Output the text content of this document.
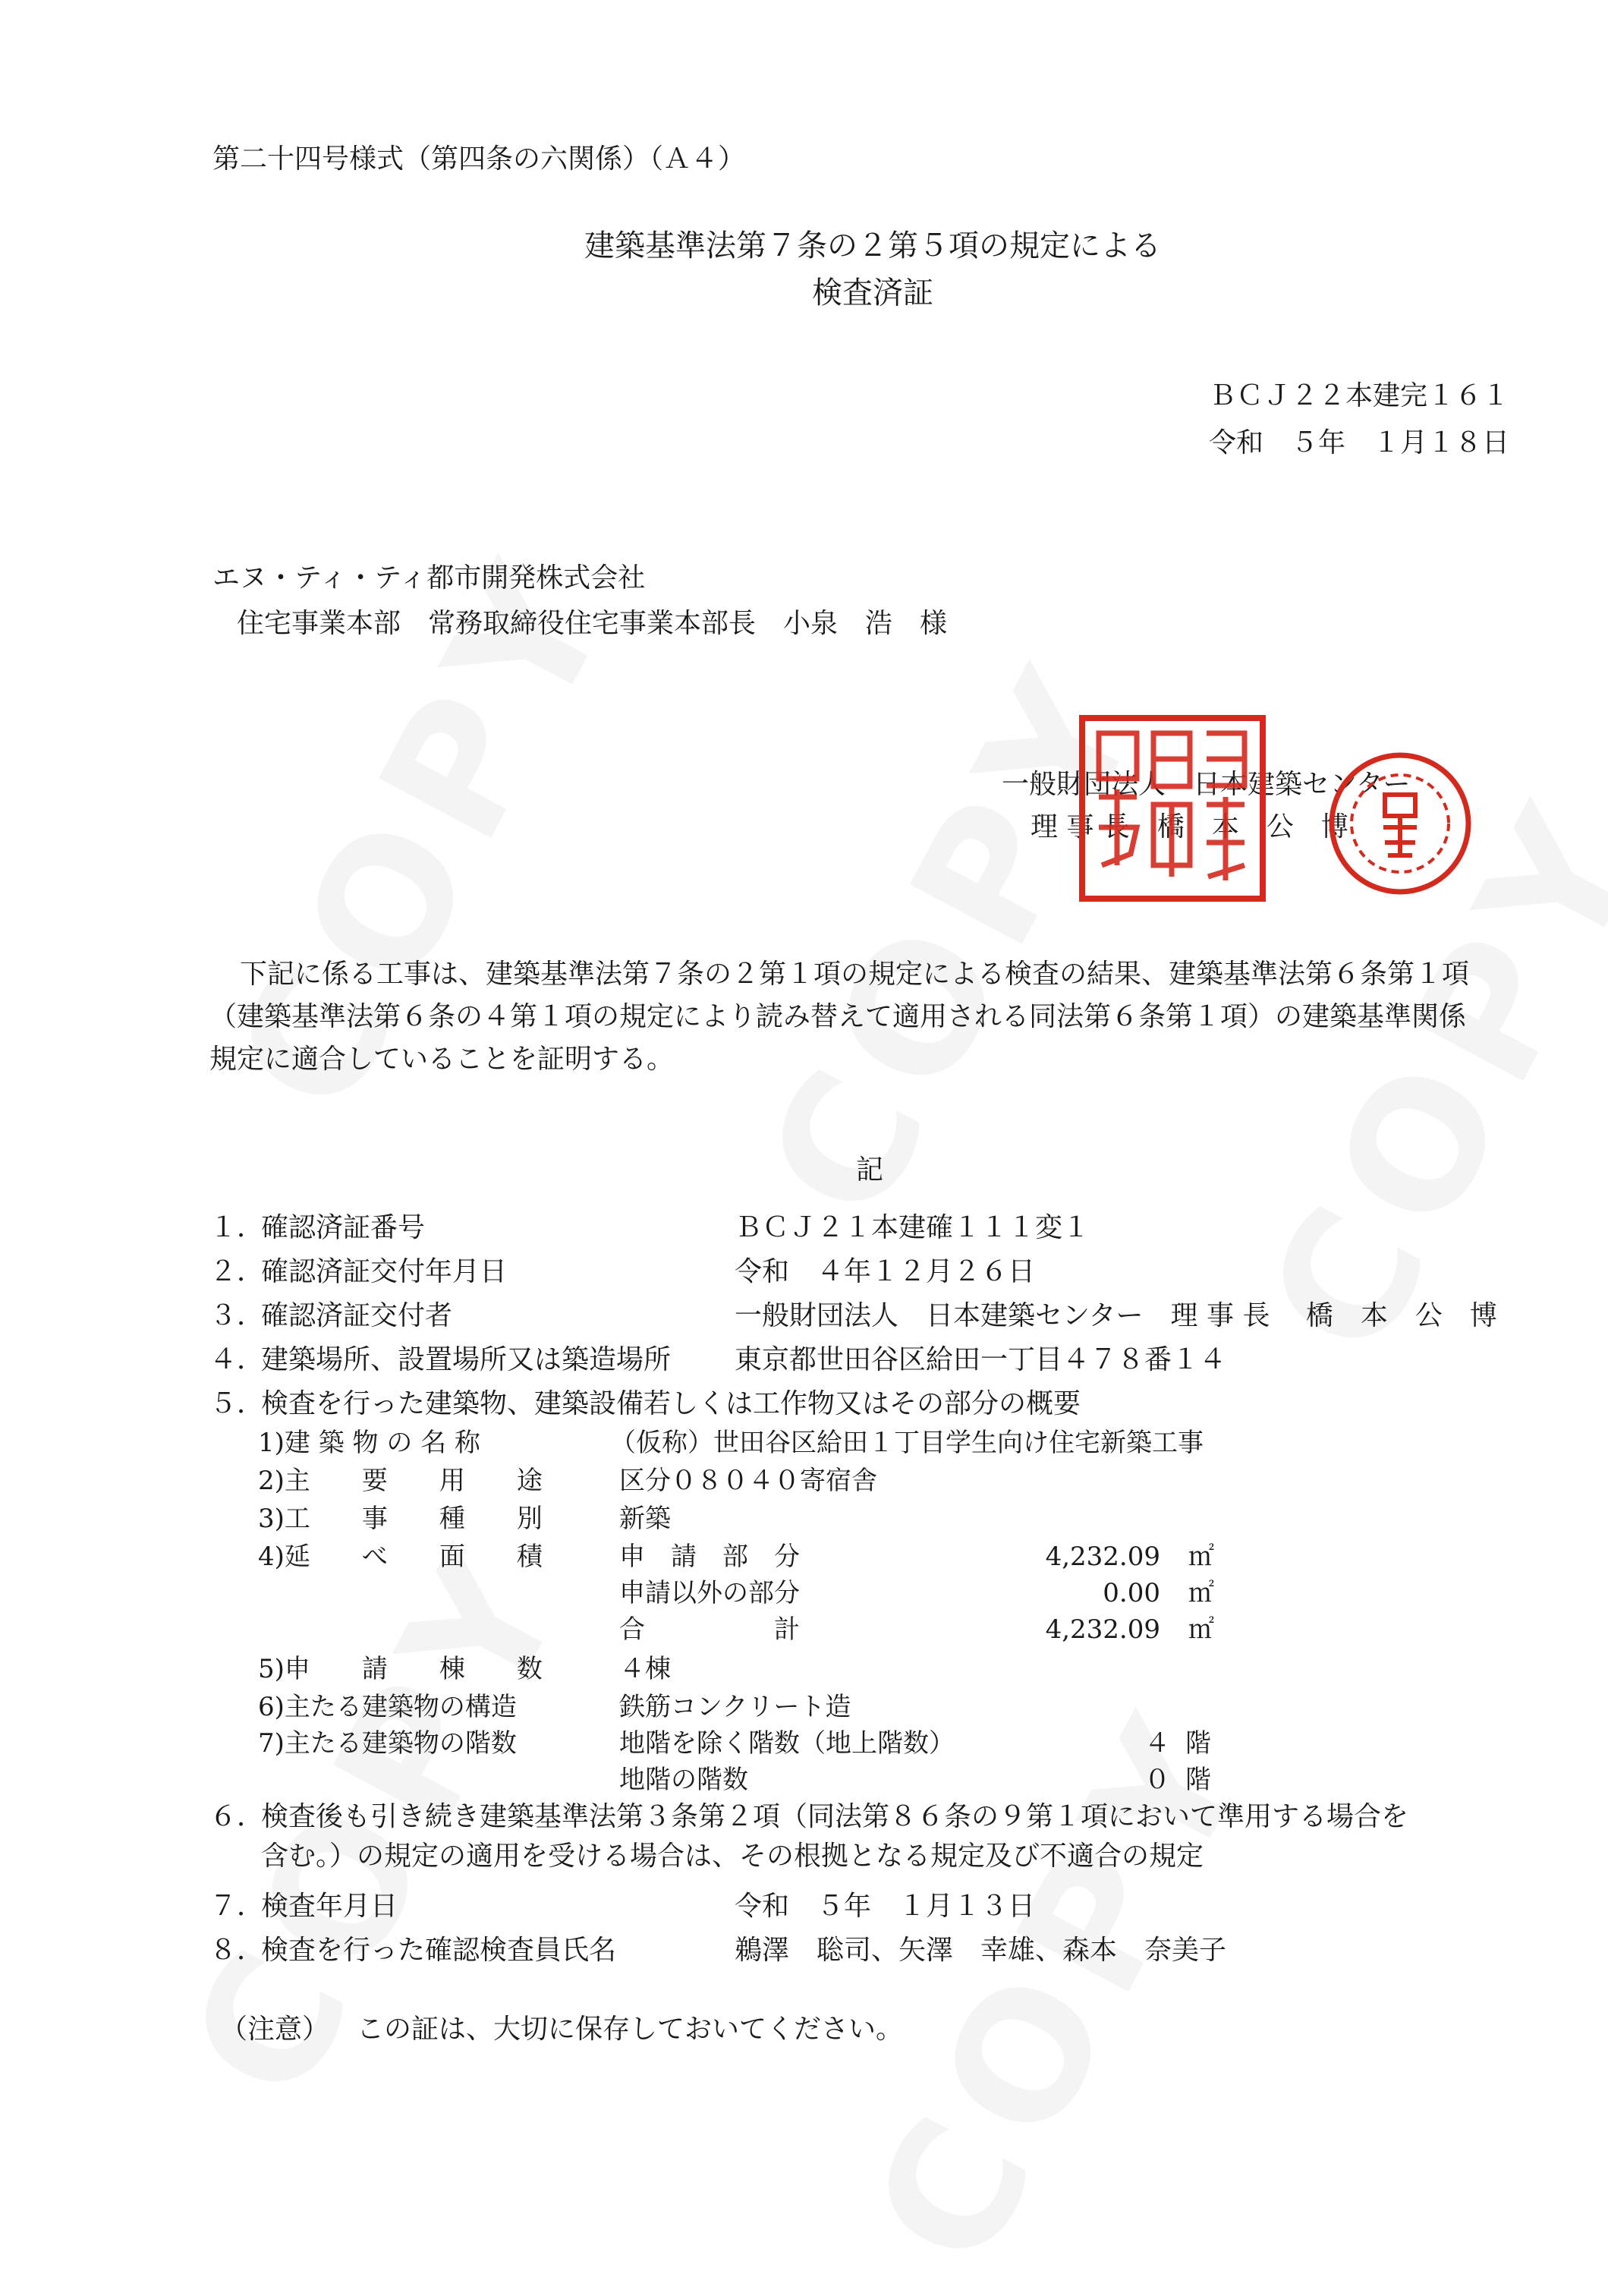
第二十四号様式（第四条の六関係）（Ａ４）
建築基準法第７条の２第５項の規定による
検査済証
ＢＣＪ２２本建完１６１
令和　５年　１月１８日
エヌ・ティ・ティ都市開発株式会社
住宅事業本部　常務取締役住宅事業本部長　小泉　浩　様
一般財団法人　日本建築センター
理 事 長　橋　本　公　博
下記に係る工事は、建築基準法第７条の２第１項の規定による検査の結果、建築基準法第６条第１項
（建築基準法第６条の４第１項の規定により読み替えて適用される同法第６条第１項）の建築基準関係
規定に適合していることを証明する。
記
１．
確認済証番号	ＢＣＪ２１本建確１１１変１
２．
確認済証交付年月日	令和　４年１２月２６日
３．
確認済証交付者	一般財団法人　日本建築センター　理 事 長　 橋　本　公　博
４．
建築場所、設置場所又は築造場所 東京都世田谷区給田一丁目４７８番１４
５．
検査を行った建築物、建築設備若しくは工作物又はその部分の概要
1)建 築 物 の 名 称	（仮称）世田谷区給田１丁目学生向け住宅新築工事
2)主　　要　　用　　途	区分０８０４０寄宿舎
3)工　　事　　種　　別	新築
4)延　　べ　　面　　積	申　請　部　分	4,232.09 ㎡
申請以外の部分	0.00 ㎡
合　　　　　計	4,232.09 ㎡
5)申　　請　　棟　　数	４棟
6)主たる建築物の構造	鉄筋コンクリート造
7)主たる建築物の階数	地階を除く階数（地上階数）	４ 階
地階の階数	０ 階
６．
検査後も引き続き建築基準法第３条第２項（同法第８６条の９第１項において準用する場合を
含む。）の規定の適用を受ける場合は、その根拠となる規定及び不適合の規定
７．
検査年月日	令和　５年　１月１３日
８．
検査を行った確認検査員氏名	鵜澤　聡司、矢澤　幸雄、森本　奈美子
（注意） この証は、大切に保存しておいてください。
